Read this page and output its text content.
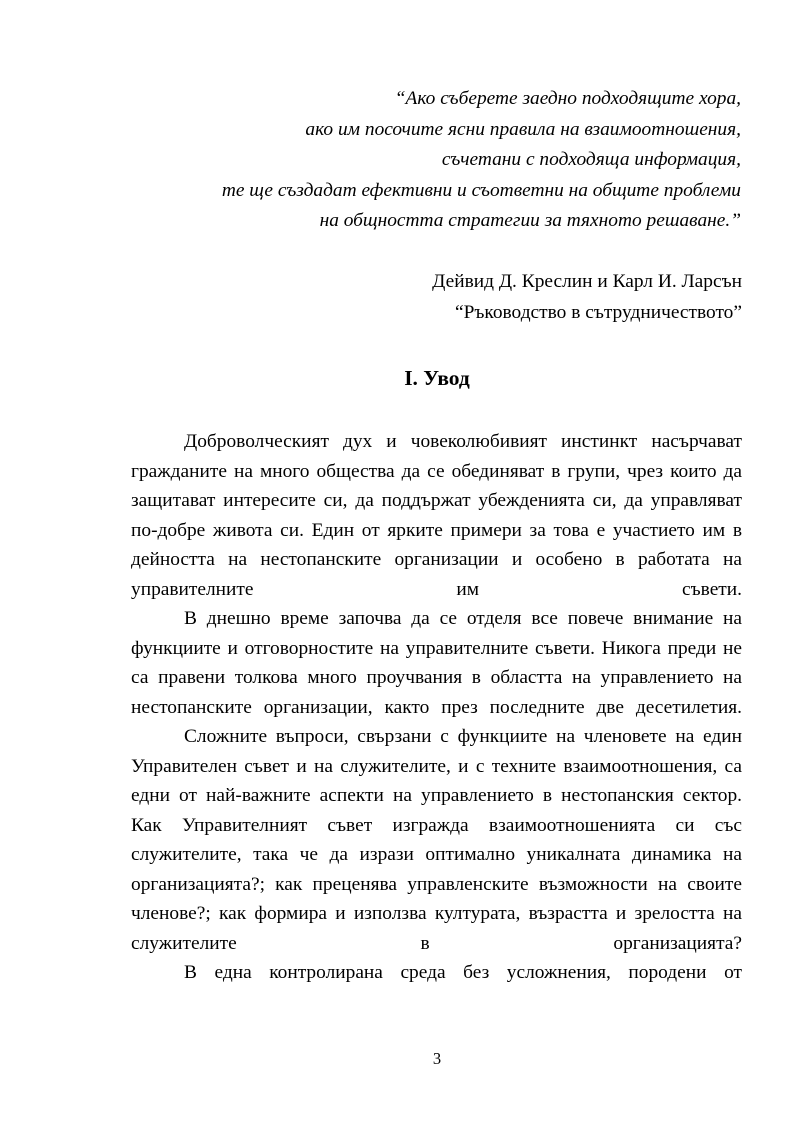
“Ако съберете заедно подходящите хора,
ако им посочите ясни правила на взаимоотношения,
съчетани с подходяща информация,
те ще създадат ефективни и съответни на общите проблеми
на общността стратегии за тяхното решаване.”
Дейвид Д. Креслин и Карл И. Ларсън
“Ръководство в сътрудничеството”
I. Увод

Доброволческият дух и човеколюбивият инстинкт насърчават гражданите на много общества да се обединяват в групи, чрез които да защитават интересите си, да поддържат убежденията си, да управляват по-добре живота си. Един от ярките примери за това е участието им в дейността на нестопанските организации и особено в работата на управителните им съвети.

В днешно време започва да се отделя все повече внимание на функциите и отговорностите на управителните съвети. Никога преди не са правени толкова много проучвания в областта на управлението на нестопанските организации, както през последните две десетилетия.

Сложните въпроси, свързани с функциите на членовете на един Управителен съвет и на служителите, и с техните взаимоотношения, са едни от най-важните аспекти на управлението в нестопанския сектор. Как Управителният съвет изгражда взаимоотношенията си със служителите, така че да изрази оптимално уникалната динамика на организацията?; как преценява управленските възможности на своите членове?; как формира и използва културата, възрастта и зрелостта на служителите в организацията?

В една контролирана среда без усложнения, породени от

3
